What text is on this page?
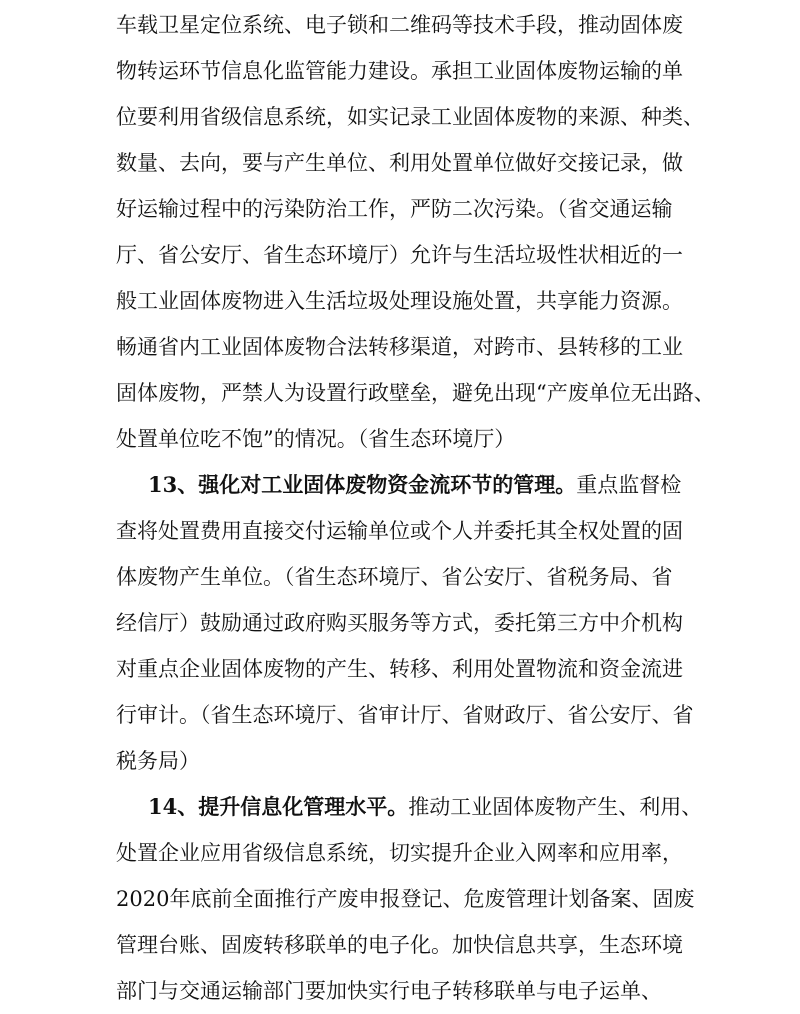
车载卫星定位系统、电子锁和二维码等技术手段，推动固体废
物转运环节信息化监管能力建设。承担工业固体废物运输的单
位要利用省级信息系统，如实记录工业固体废物的来源、种类、
数量、去向，要与产生单位、利用处置单位做好交接记录，做
好运输过程中的污染防治工作，严防二次污染。（省交通运输
厅、省公安厅、省生态环境厅）允许与生活垃圾性状相近的一
般工业固体废物进入生活垃圾处理设施处置，共享能力资源。
畅通省内工业固体废物合法转移渠道，对跨市、县转移的工业
固体废物，严禁人为设置行政壁垒，避免出现“产废单位无出路、
处置单位吃不饱”的情况。（省生态环境厅）
13、强化对工业固体废物资金流环节的管理。重点监督检
查将处置费用直接交付运输单位或个人并委托其全权处置的固
体废物产生单位。（省生态环境厅、省公安厅、省税务局、省
经信厅）鼓励通过政府购买服务等方式，委托第三方中介机构
对重点企业固体废物的产生、转移、利用处置物流和资金流进
行审计。（省生态环境厅、省审计厅、省财政厅、省公安厅、省
税务局）
14、提升信息化管理水平。推动工业固体废物产生、利用、
处置企业应用省级信息系统，切实提升企业入网率和应用率，
2020年底前全面推行产废申报登记、危废管理计划备案、固废
管理台账、固废转移联单的电子化。加快信息共享，生态环境
部门与交通运输部门要加快实行电子转移联单与电子运单、
